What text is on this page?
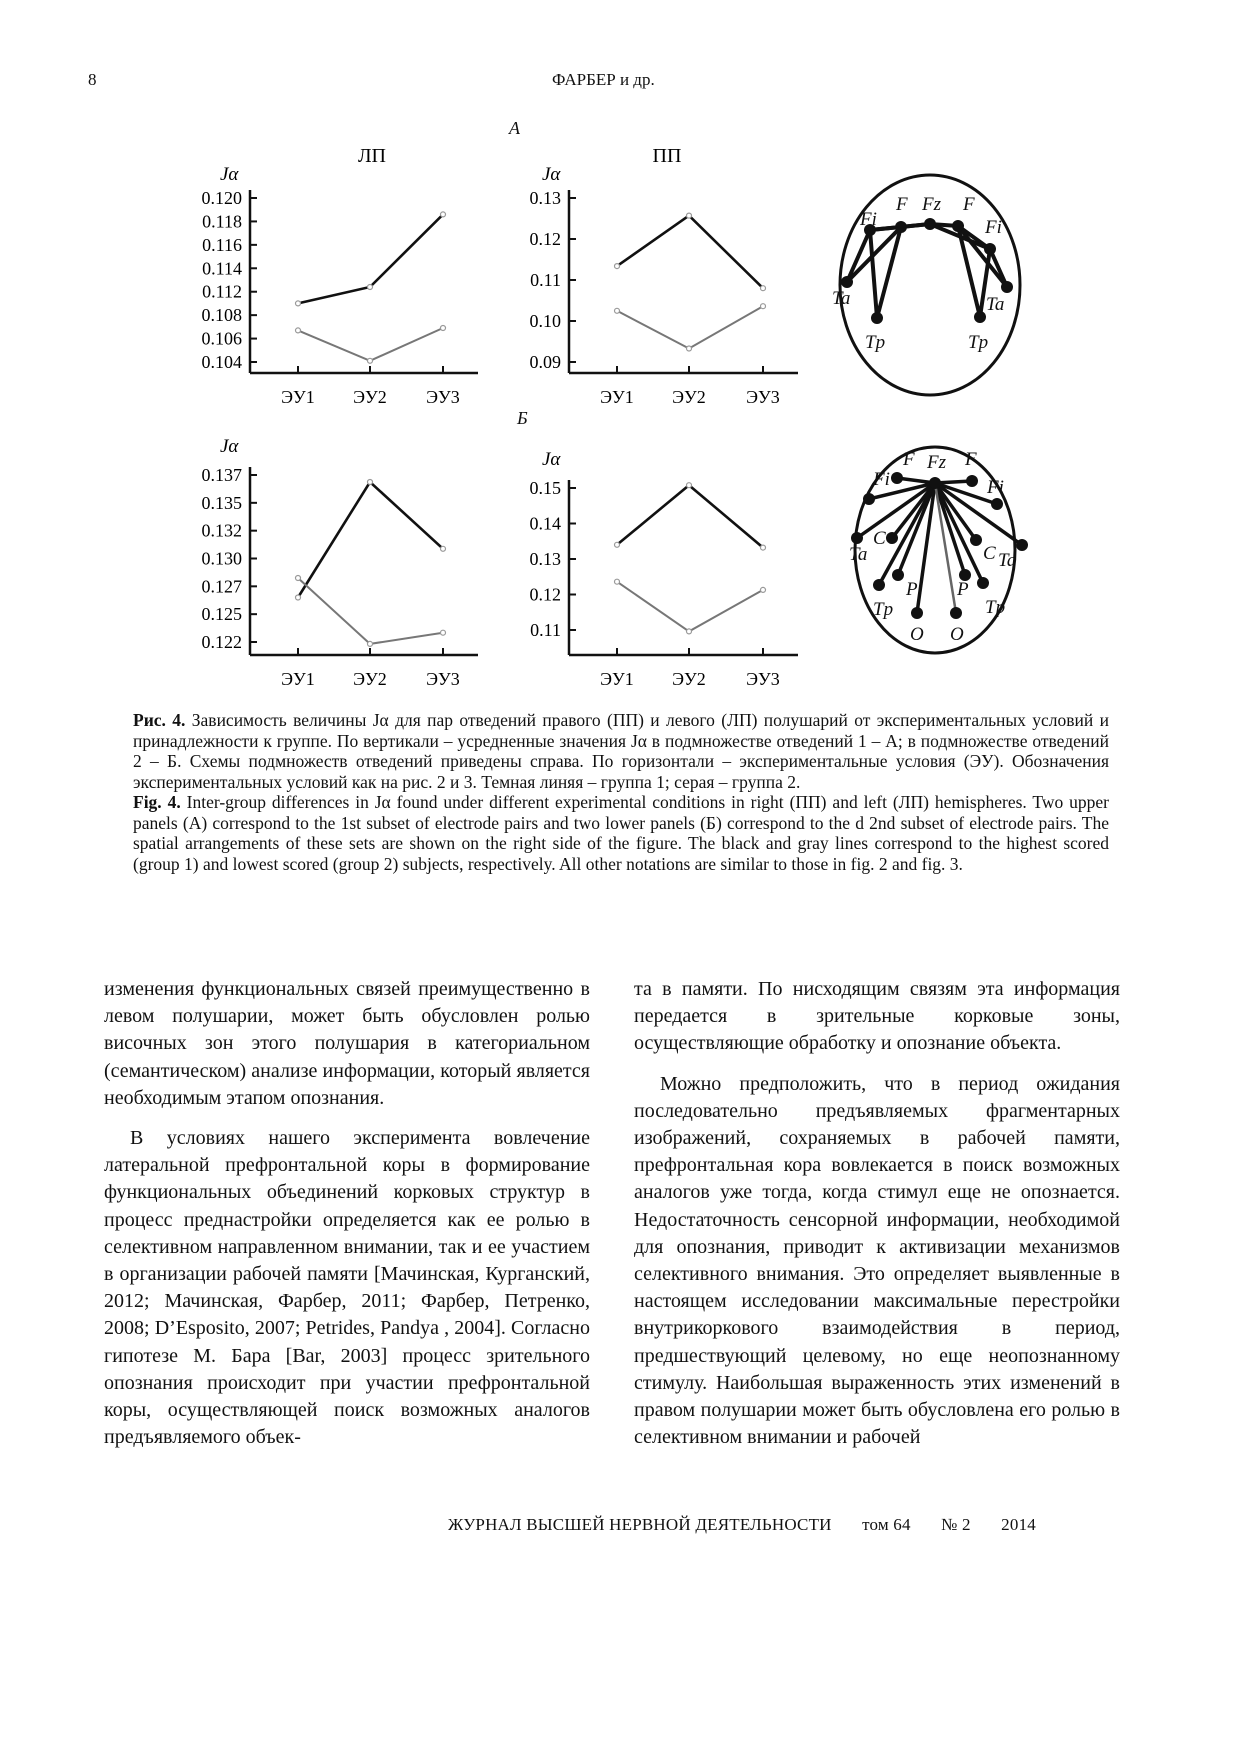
8	ФАРБЕР и др.
А
Б
ЛП
Jα
0.120
0.118
0.116
0.114
0.112
0.108
0.106
0.104
ЭУ1 ЭУ2 ЭУ3
ПП
Jα
0.13
0.12
0.11
0.10
0.09
ЭУ1 ЭУ2 ЭУ3
Jα
0.137
0.135
0.132
0.130
0.127
0.125
0.122
ЭУ1 ЭУ2 ЭУ3
Jα
0.15
0.14
0.13
0.12
0.11
ЭУ1 ЭУ2 ЭУ3
F Fz F
Fi	Fi
Ta	Ta
Tp	Tp
F Fz F
Fi	Fi
C
C
Ta	Ta
P P
Tp	Tp
O O

Рис. 4. Зависимость величины Jα для пар отведений правого (ПП) и левого (ЛП) полушарий от экспериментальных условий и принадлежности к группе. По вертикали – усредненные значения Jα в подмножестве отведений 1 – А; в подмножестве отведений 2 – Б. Схемы подмножеств отведений приведены справа. По горизонтали – экспериментальные условия (ЭУ). Обозначения экспериментальных условий как на рис. 2 и 3. Темная линяя – группа 1; серая – группа 2.

Fig. 4. Inter-group differences in Jα found under different experimental conditions in right (ПП) and left (ЛП) hemispheres. Two upper panels (A) correspond to the 1st subset of electrode pairs and two lower panels (Б) correspond to the d 2nd subset of electrode pairs. The spatial arrangements of these sets are shown on the right side of the figure. The black and gray lines correspond to the highest scored (group 1) and lowest scored (group 2) subjects, respectively. All other notations are similar to those in fig. 2 and fig. 3.

изменения функциональных связей преимущественно в левом полушарии, может быть обусловлен ролью височных зон этого полушария в категориальном (семантическом) анализе информации, который является необходимым этапом опознания.

В условиях нашего эксперимента вовлечение латеральной префронтальной коры в формирование функциональных объединений корковых структур в процесс преднастройки определяется как ее ролью в селективном направленном внимании, так и ее участием в организации рабочей памяти [Мачинская, Курганский, 2012; Мачинская, Фарбер, 2011; Фарбер, Петренко, 2008; D’Esposito, 2007; Petrides, Pandya , 2004]. Согласно гипотезе М. Бара [Bar, 2003] процесс зрительного опознания происходит при участии префронтальной коры, осуществляющей поиск возможных аналогов предъявляемого объек-

та в памяти. По нисходящим связям эта информация передается в зрительные корковые зоны, осуществляющие обработку и опознание объекта.

Можно предположить, что в период ожидания последовательно предъявляемых фрагментарных изображений, сохраняемых в рабочей памяти, префронтальная кора вовлекается в поиск возможных аналогов уже тогда, когда стимул еще не опознается. Недостаточность сенсорной информации, необходимой для опознания, приводит к активизации механизмов селективного внимания. Это определяет выявленные в настоящем исследовании максимальные перестройки внутрикоркового взаимодействия в период, предшествующий целевому, но еще неопознанному стимулу. Наибольшая выраженность этих изменений в правом полушарии может быть обусловлена его ролью в селективном внимании и рабочей

ЖУРНАЛ ВЫСШЕЙ НЕРВНОЙ ДЕЯТЕЛЬНОСТИ том 64 № 2 2014
